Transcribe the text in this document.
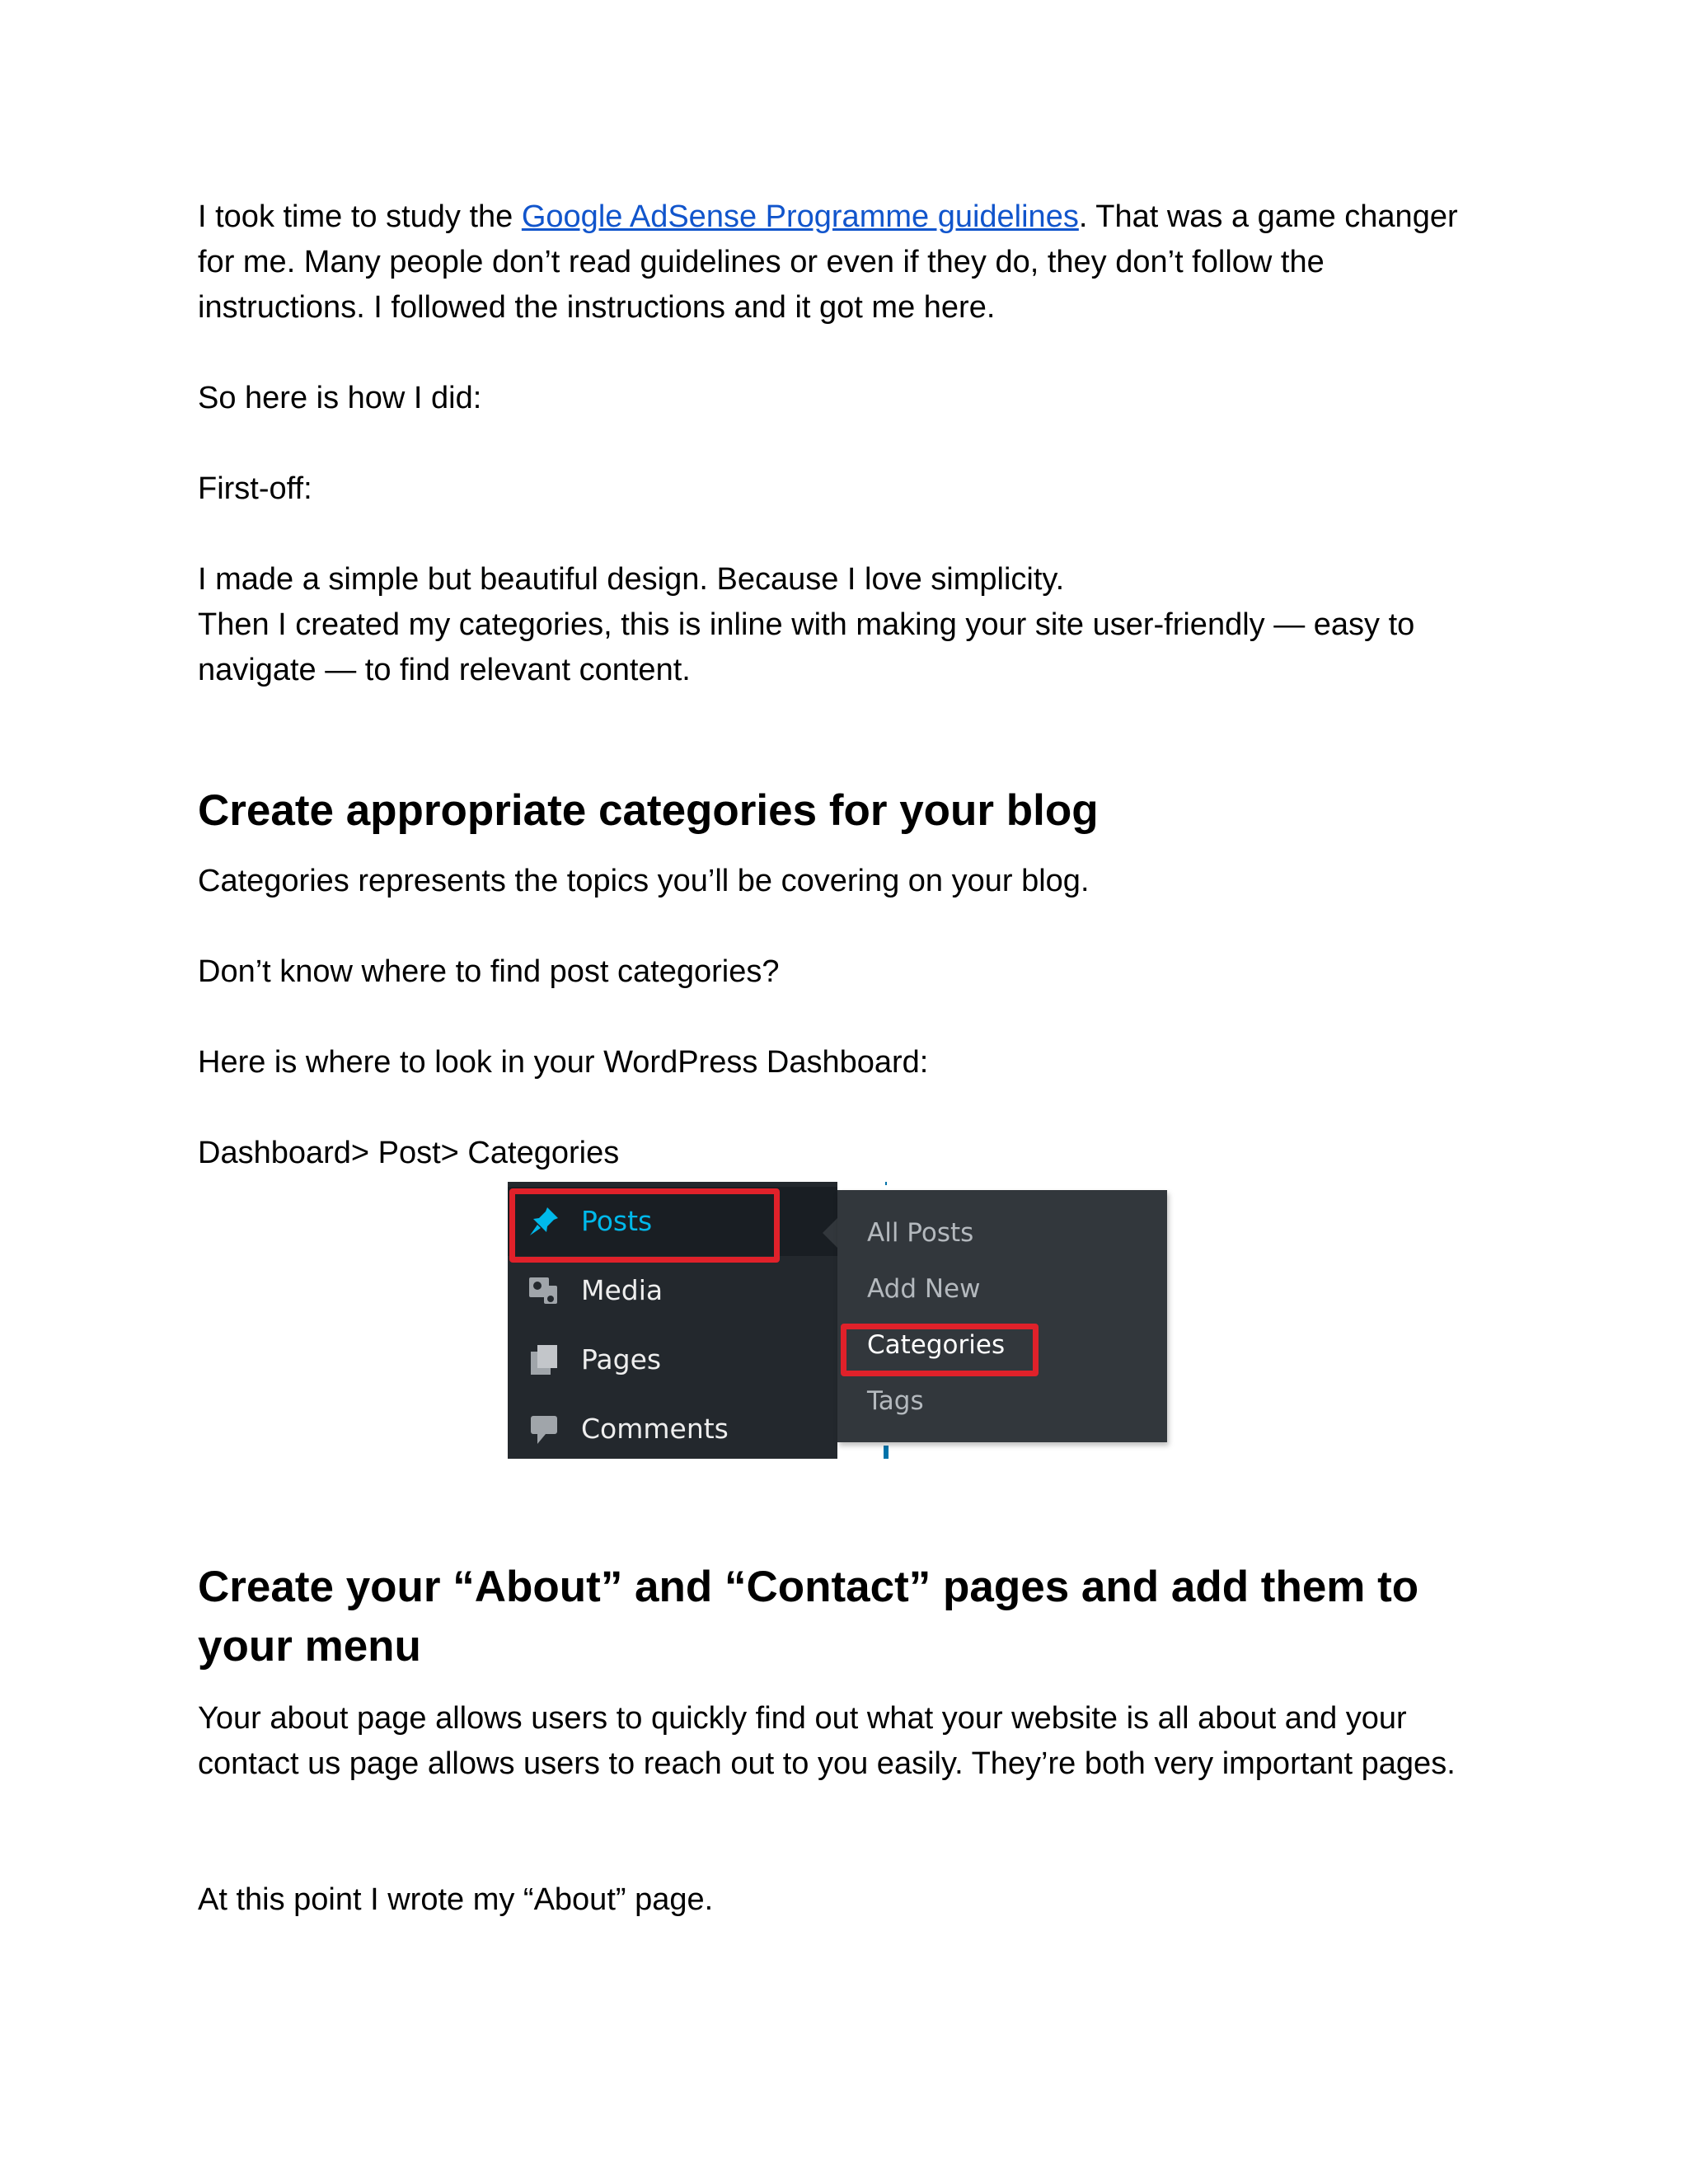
I took time to study the Google AdSense Programme guidelines. That was a game changer for me. Many people don’t read guidelines or even if they do, they don’t follow the instructions. I followed the instructions and it got me here.

So here is how I did:

First-off:

I made a simple but beautiful design. Because I love simplicity.
Then I created my categories, this is inline with making your site user-friendly — easy to navigate — to find relevant content.

Create appropriate categories for your blog

Categories represents the topics you’ll be covering on your blog.

Don’t know where to find post categories?

Here is where to look in your WordPress Dashboard:

Dashboard> Post> Categories

Posts
Media
Pages
Comments
All Posts
Add New
Categories
Tags
Create your “About” and “Contact” pages and add them to your menu

Your about page allows users to quickly find out what your website is all about and your contact us page allows users to reach out to you easily. They’re both very important pages.

At this point I wrote my “About” page.
